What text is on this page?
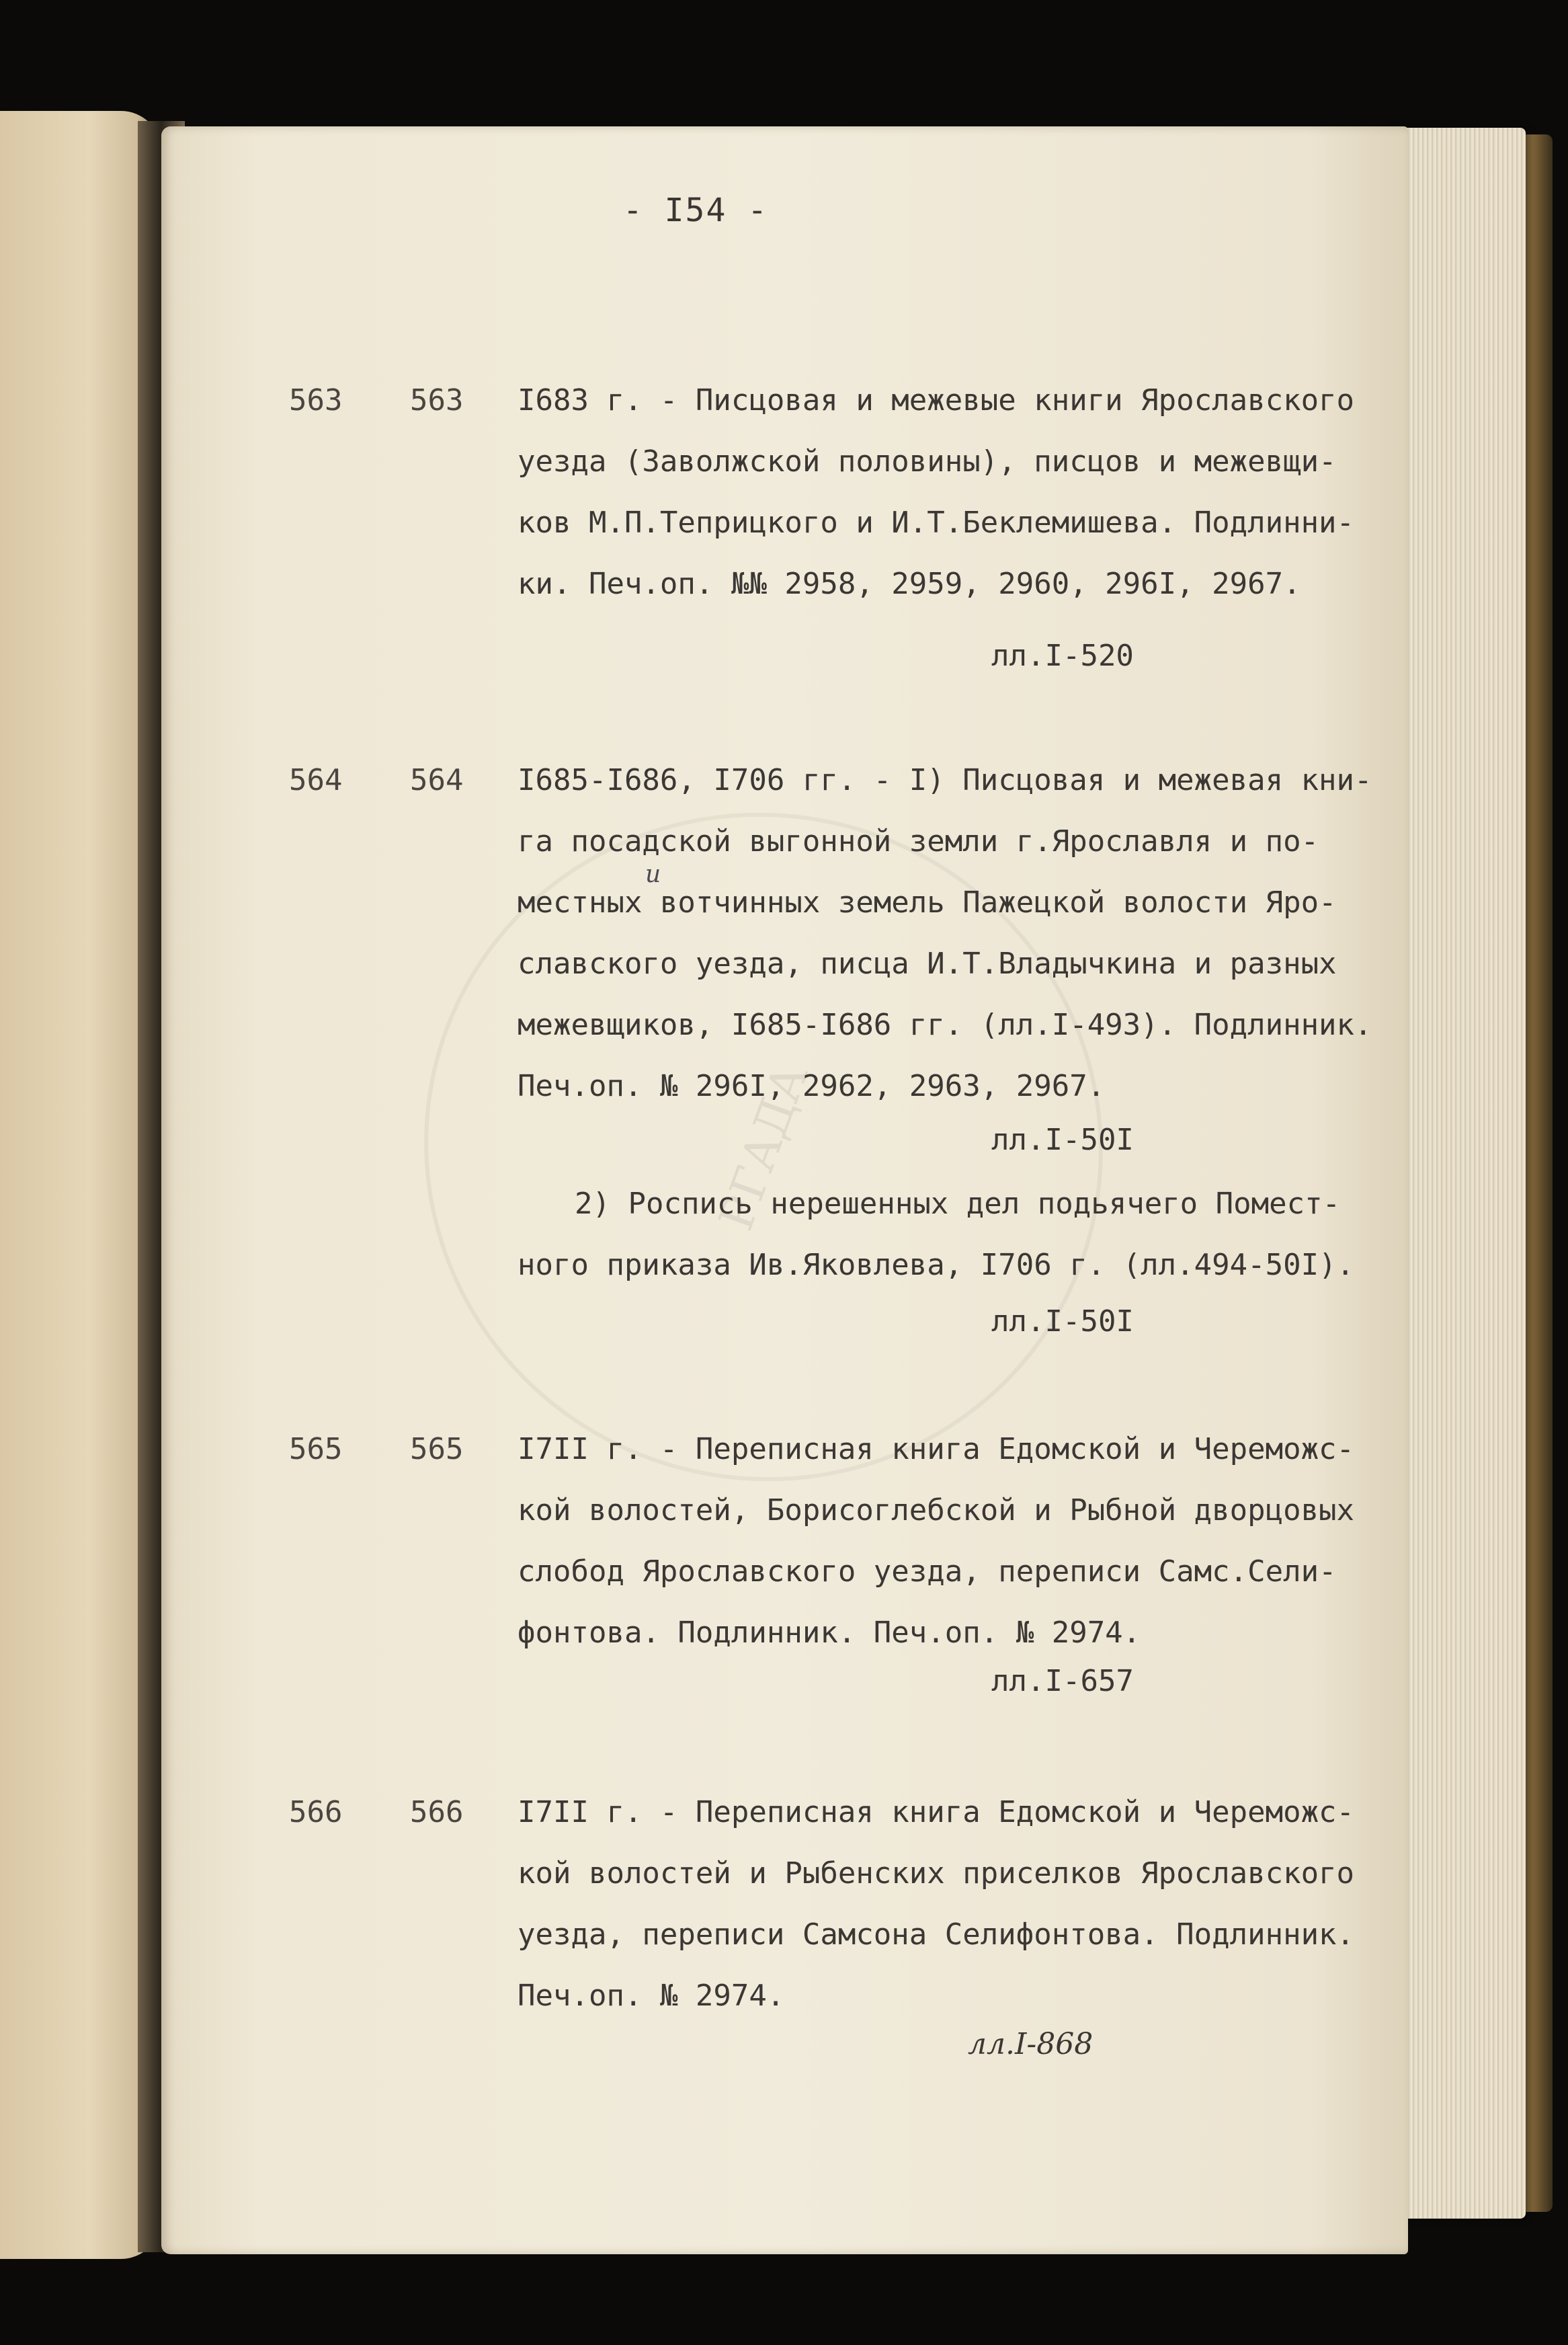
РГАДА
- I54 -
563	563	I683 г. - Писцовая и межевые книги Ярославского
уезда (Заволжской половины), писцов и межевщи-
ков М.П.Теприцкого и И.Т.Беклемишева. Подлинни-
ки. Печ.оп. №№ 2958, 2959, 2960, 296I, 2967.
лл.I-520
564	564	I685-I686, I706 гг. - I) Писцовая и межевая кни-
га посадской выгонной земли г.Ярославля и по-
местных вотчинных земель Пажецкой волости Яро-
славского уезда, писца И.Т.Владычкина и разных
межевщиков, I685-I686 гг. (лл.I-493). Подлинник.
Печ.оп. № 296I, 2962, 2963, 2967.
и
лл.I-50I
2) Роспись нерешенных дел подьячего Помест-
ного приказа Ив.Яковлева, I706 г. (лл.494-50I).
лл.I-50I
565	565	I7II г. - Переписная книга Едомской и Череможс-
кой волостей, Борисоглебской и Рыбной дворцовых
слобод Ярославского уезда, переписи Самс.Сели-
фонтова. Подлинник. Печ.оп. № 2974.
лл.I-657
566	566	I7II г. - Переписная книга Едомской и Череможс-
кой волостей и Рыбенских приселков Ярославского
уезда, переписи Самсона Селифонтова. Подлинник.
Печ.оп. № 2974.
лл.I-868
